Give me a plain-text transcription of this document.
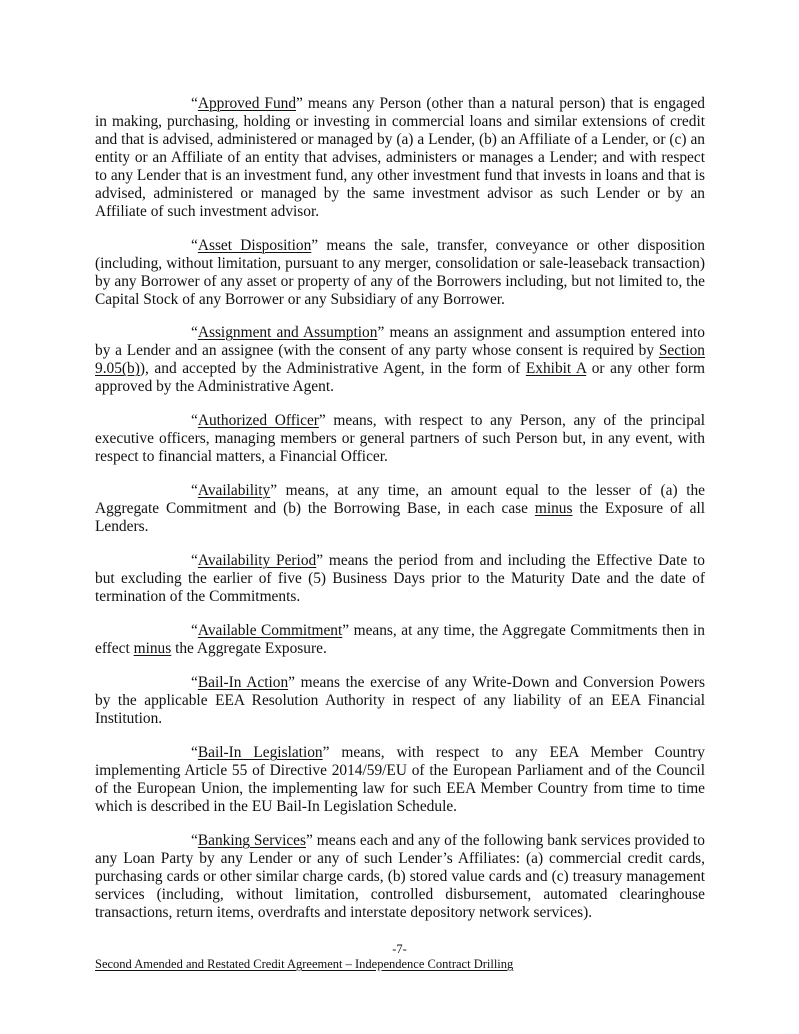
“Approved Fund” means any Person (other than a natural person) that is engaged in making, purchasing, holding or investing in commercial loans and similar extensions of credit and that is advised, administered or managed by (a) a Lender, (b) an Affiliate of a Lender, or (c) an entity or an Affiliate of an entity that advises, administers or manages a Lender; and with respect to any Lender that is an investment fund, any other investment fund that invests in loans and that is advised, administered or managed by the same investment advisor as such Lender or by an Affiliate of such investment advisor.

“Asset Disposition” means the sale, transfer, conveyance or other disposition (including, without limitation, pursuant to any merger, consolidation or sale-leaseback transaction) by any Borrower of any asset or property of any of the Borrowers including, but not limited to, the Capital Stock of any Borrower or any Subsidiary of any Borrower.

“Assignment and Assumption” means an assignment and assumption entered into by a Lender and an assignee (with the consent of any party whose consent is required by Section 9.05(b)), and accepted by the Administrative Agent, in the form of Exhibit A or any other form approved by the Administrative Agent.

“Authorized Officer” means, with respect to any Person, any of the principal executive officers, managing members or general partners of such Person but, in any event, with respect to financial matters, a Financial Officer.

“Availability” means, at any time, an amount equal to the lesser of (a) the Aggregate Commitment and (b) the Borrowing Base, in each case minus the Exposure of all Lenders.

“Availability Period” means the period from and including the Effective Date to but excluding the earlier of five (5) Business Days prior to the Maturity Date and the date of termination of the Commitments.

“Available Commitment” means, at any time, the Aggregate Commitments then in effect minus the Aggregate Exposure.

“Bail-In Action” means the exercise of any Write-Down and Conversion Powers by the applicable EEA Resolution Authority in respect of any liability of an EEA Financial Institution.

“Bail-In Legislation” means, with respect to any EEA Member Country implementing Article 55 of Directive 2014/59/EU of the European Parliament and of the Council of the European Union, the implementing law for such EEA Member Country from time to time which is described in the EU Bail-In Legislation Schedule.

“Banking Services” means each and any of the following bank services provided to any Loan Party by any Lender or any of such Lender’s Affiliates: (a) commercial credit cards, purchasing cards or other similar charge cards, (b) stored value cards and (c) treasury management services (including, without limitation, controlled disbursement, automated clearinghouse transactions, return items, overdrafts and interstate depository network services).

-7-
Second Amended and Restated Credit Agreement – Independence Contract Drilling
